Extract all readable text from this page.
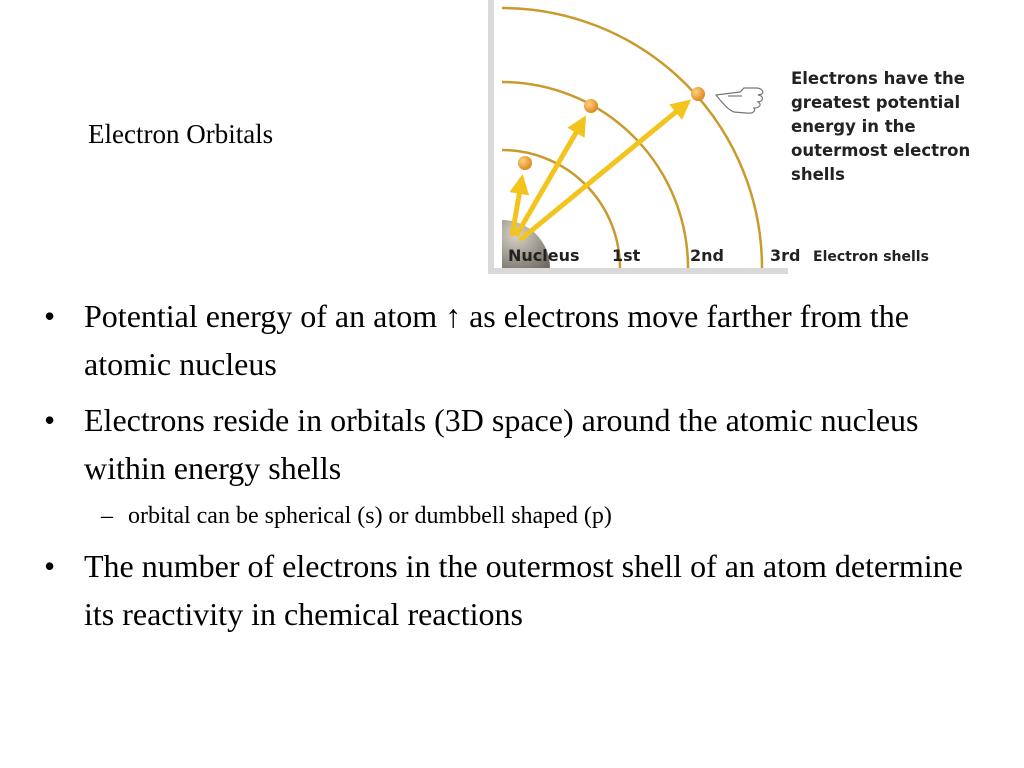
Electron Orbitals
Electrons have the
greatest potential
energy in the
outermost electron
shells
Nucleus 1st	2nd	3rd Electron shells
• Potential energy of an atom ↑ as electrons move farther from the atomic nucleus
• Electrons reside in orbitals (3D space) around the atomic nucleus within energy shells
– orbital can be spherical (s) or dumbbell shaped (p)
• The number of electrons in the outermost shell of an atom determine its reactivity in chemical reactions
